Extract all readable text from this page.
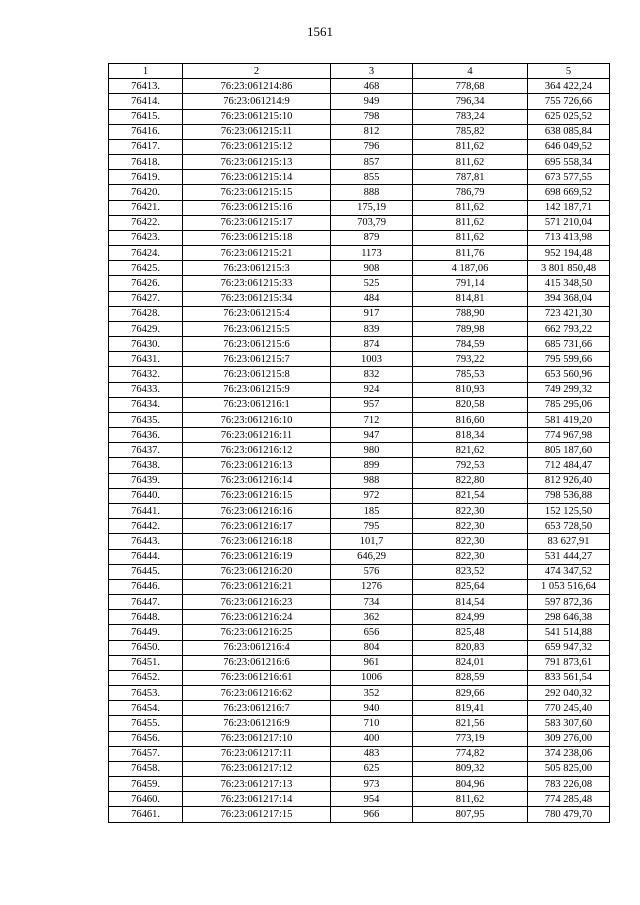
1561
1	2	3	4	5
76413.	76:23:061214:86	468	778,68	364 422,24
76414.	76:23:061214:9	949	796,34	755 726,66
76415.	76:23:061215:10	798	783,24	625 025,52
76416.	76:23:061215:11	812	785,82	638 085,84
76417.	76:23:061215:12	796	811,62	646 049,52
76418.	76:23:061215:13	857	811,62	695 558,34
76419.	76:23:061215:14	855	787,81	673 577,55
76420.	76:23:061215:15	888	786,79	698 669,52
76421.	76:23:061215:16	175,19	811,62	142 187,71
76422.	76:23:061215:17	703,79	811,62	571 210,04
76423.	76:23:061215:18	879	811,62	713 413,98
76424.	76:23:061215:21	1173	811,76	952 194,48
76425.	76:23:061215:3	908	4 187,06	3 801 850,48
76426.	76:23:061215:33	525	791,14	415 348,50
76427.	76:23:061215:34	484	814,81	394 368,04
76428.	76:23:061215:4	917	788,90	723 421,30
76429.	76:23:061215:5	839	789,98	662 793,22
76430.	76:23:061215:6	874	784,59	685 731,66
76431.	76:23:061215:7	1003	793,22	795 599,66
76432.	76:23:061215:8	832	785,53	653 560,96
76433.	76:23:061215:9	924	810,93	749 299,32
76434.	76:23:061216:1	957	820,58	785 295,06
76435.	76:23:061216:10	712	816,60	581 419,20
76436.	76:23:061216:11	947	818,34	774 967,98
76437.	76:23:061216:12	980	821,62	805 187,60
76438.	76:23:061216:13	899	792,53	712 484,47
76439.	76:23:061216:14	988	822,80	812 926,40
76440.	76:23:061216:15	972	821,54	798 536,88
76441.	76:23:061216:16	185	822,30	152 125,50
76442.	76:23:061216:17	795	822,30	653 728,50
76443.	76:23:061216:18	101,7	822,30	83 627,91
76444.	76:23:061216:19	646,29	822,30	531 444,27
76445.	76:23:061216:20	576	823,52	474 347,52
76446.	76:23:061216:21	1276	825,64	1 053 516,64
76447.	76:23:061216:23	734	814,54	597 872,36
76448.	76:23:061216:24	362	824,99	298 646,38
76449.	76:23:061216:25	656	825,48	541 514,88
76450.	76:23:061216:4	804	820,83	659 947,32
76451.	76:23:061216:6	961	824,01	791 873,61
76452.	76:23:061216:61	1006	828,59	833 561,54
76453.	76:23:061216:62	352	829,66	292 040,32
76454.	76:23:061216:7	940	819,41	770 245,40
76455.	76:23:061216:9	710	821,56	583 307,60
76456.	76:23:061217:10	400	773,19	309 276,00
76457.	76:23:061217:11	483	774,82	374 238,06
76458.	76:23:061217:12	625	809,32	505 825,00
76459.	76:23:061217:13	973	804,96	783 226,08
76460.	76:23:061217:14	954	811,62	774 285,48
76461.	76:23:061217:15	966	807,95	780 479,70
